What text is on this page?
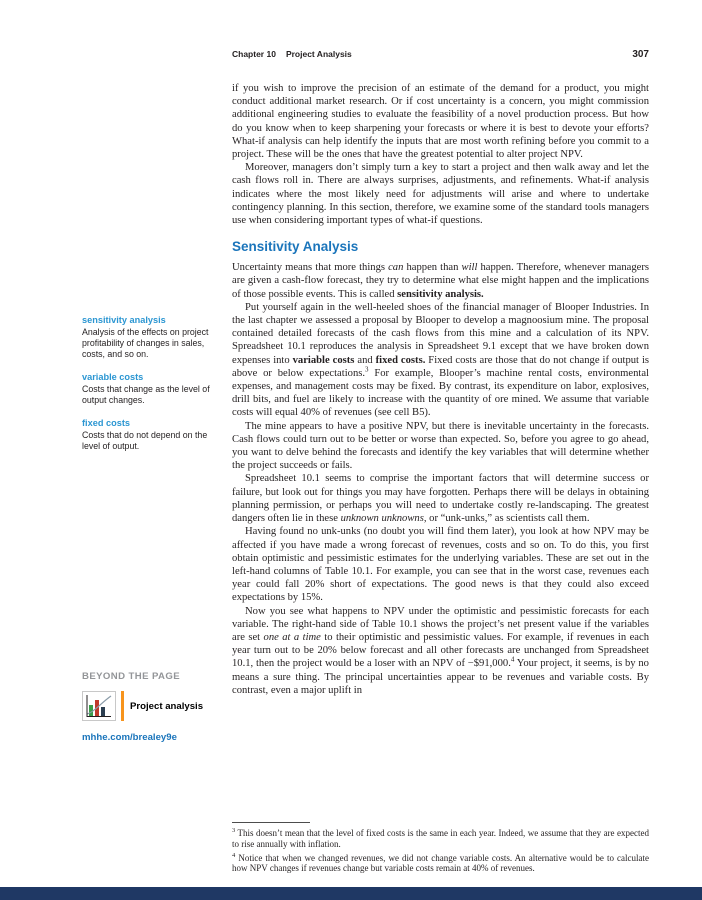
Chapter 10 Project Analysis	307

if you wish to improve the precision of an estimate of the demand for a product, you might conduct additional market research. Or if cost uncertainty is a concern, you might commission additional engineering studies to evaluate the feasibility of a novel production process. But how do you know when to keep sharpening your forecasts or where it is best to devote your efforts? What-if analysis can help identify the inputs that are most worth refining before you commit to a project. These will be the ones that have the greatest potential to alter project NPV.

Moreover, managers don’t simply turn a key to start a project and then walk away and let the cash flows roll in. There are always surprises, adjustments, and refinements. What-if analysis indicates where the most likely need for adjustments will arise and where to undertake contingency planning. In this section, therefore, we examine some of the standard tools managers use when considering important types of what-if questions.

Sensitivity Analysis

Uncertainty means that more things can happen than will happen. Therefore, whenever managers are given a cash-flow forecast, they try to determine what else might happen and the implications of those possible events. This is called sensitivity analysis.

Put yourself again in the well-heeled shoes of the financial manager of Blooper Industries. In the last chapter we assessed a proposal by Blooper to develop a magnoosium mine. The proposal contained detailed forecasts of the cash flows from this mine and a calculation of its NPV. Spreadsheet 10.1 reproduces the analysis in Spreadsheet 9.1 except that we have broken down expenses into variable costs and fixed costs. Fixed costs are those that do not change if output is above or below expectations.$^3$ For example, Blooper’s machine rental costs, environmental expenses, and management costs may be fixed. By contrast, its expenditure on labor, explosives, drill bits, and fuel are likely to increase with the quantity of ore mined. We assume that variable costs will equal 40% of revenues (see cell B5).

The mine appears to have a positive NPV, but there is inevitable uncertainty in the forecasts. Cash flows could turn out to be better or worse than expected. So, before you agree to go ahead, you want to delve behind the forecasts and identify the key variables that will determine whether the project succeeds or fails.

Spreadsheet 10.1 seems to comprise the important factors that will determine success or failure, but look out for things you may have forgotten. Perhaps there will be delays in obtaining planning permission, or perhaps you will need to undertake costly re-landscaping. The greatest dangers often lie in these unknown unknowns, or “unk-unks,” as scientists call them.

Having found no unk-unks (no doubt you will find them later), you look at how NPV may be affected if you have made a wrong forecast of revenues, costs and so on. To do this, you first obtain optimistic and pessimistic estimates for the underlying variables. These are set out in the left-hand columns of Table 10.1. For example, you can see that in the worst case, revenues each year could fall 20% short of expectations. The good news is that they could also exceed expectations by 15%.

Now you see what happens to NPV under the optimistic and pessimistic forecasts for each variable. The right-hand side of Table 10.1 shows the project’s net present value if the variables are set one at a time to their optimistic and pessimistic values. For example, if revenues in each year turn out to be 20% below forecast and all other forecasts are unchanged from Spreadsheet 10.1, then the project would be a loser with an NPV of −$91,000.$^4$ Your project, it seems, is by no means a sure thing. The principal uncertainties appear to be revenues and variable costs. By contrast, even a major uplift in

$^3$ This doesn’t mean that the level of fixed costs is the same in each year. Indeed, we assume that they are expected to rise annually with inflation.

$^4$ Notice that when we changed revenues, we did not change variable costs. An alternative would be to calculate how NPV changes if revenues change but variable costs remain at 40% of revenues.

sensitivity analysis
Analysis of the effects on project profitability of changes in sales, costs, and so on.
variable costs
Costs that change as the level of output changes.
fixed costs
Costs that do not depend on the level of output.
BEYOND THE PAGE
Project analysis
mhhe.com/brealey9e
